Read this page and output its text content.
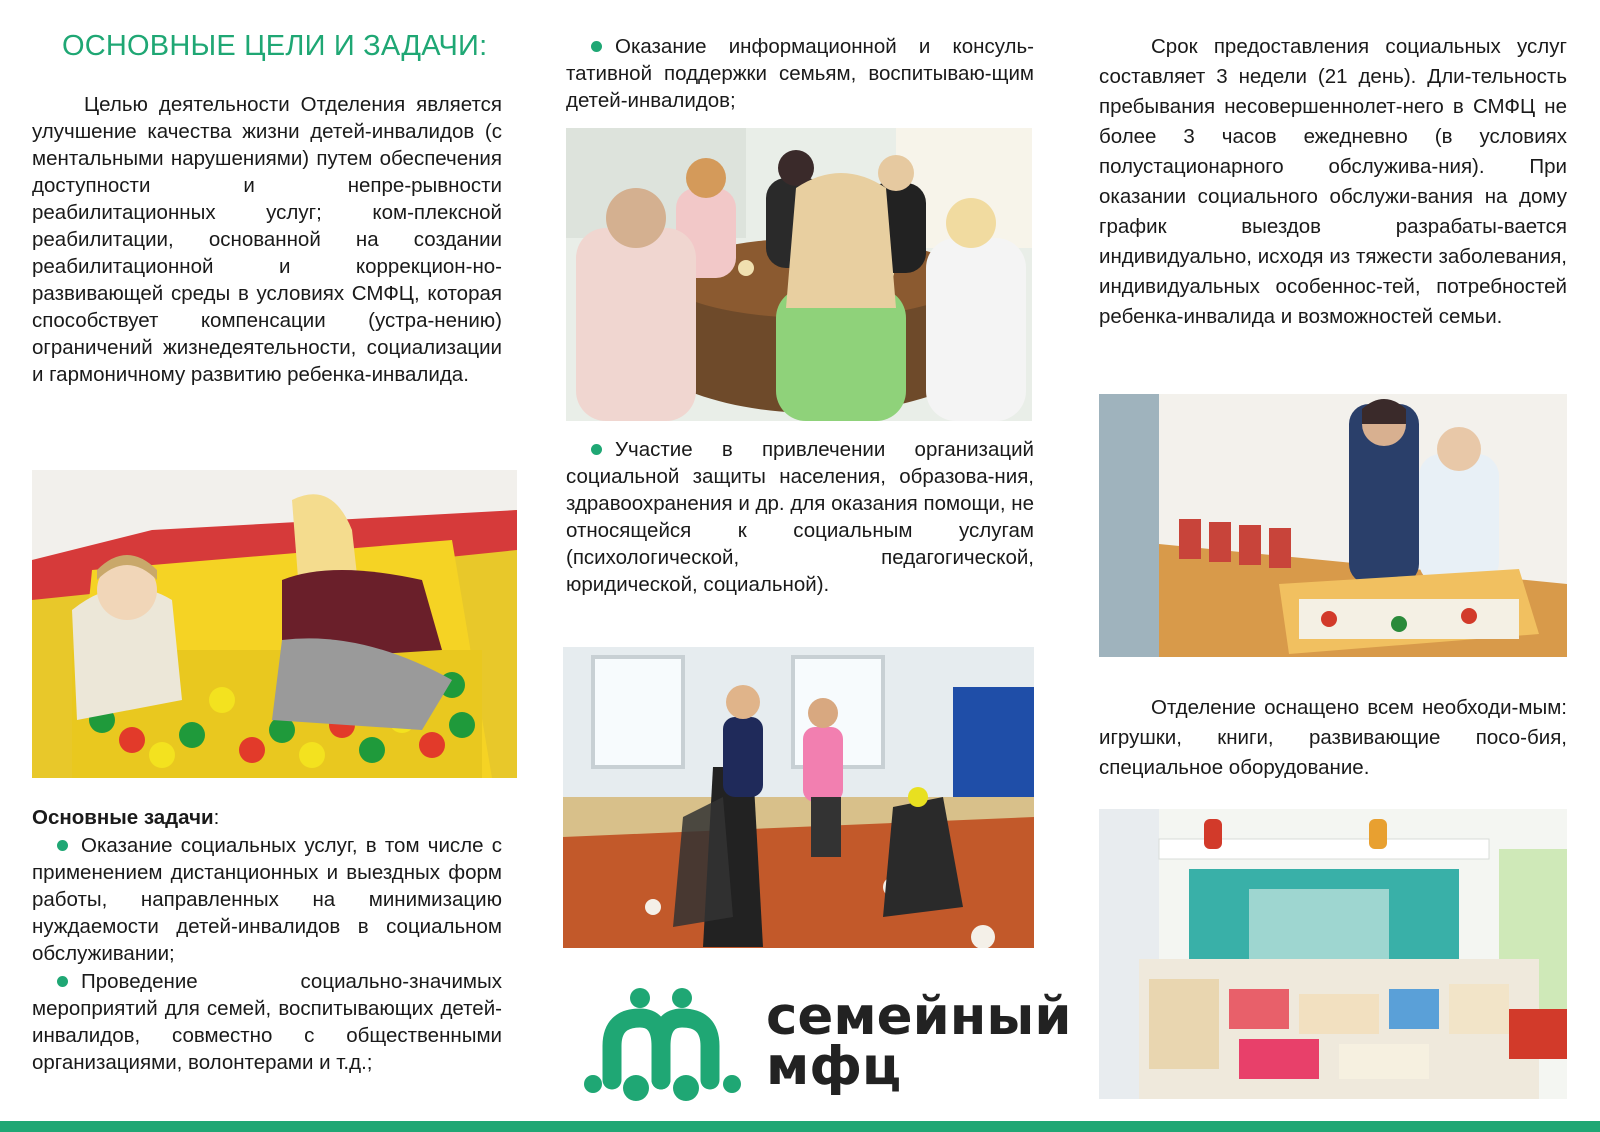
ОСНОВНЫЕ ЦЕЛИ И ЗАДАЧИ:

Целью деятельности Отделения является улучшение качества жизни детей-инвалидов (с ментальными нарушениями) путем обеспечения доступности и непре-рывности реабилитационных услуг; ком-плексной реабилитации, основанной на создании реабилитационной и коррекцион-но-развивающей среды в условиях СМФЦ, которая способствует компенсации (устра-нению) ограничений жизнедеятельности, социализации и гармоничному развитию ребенка-инвалида.

Основные задачи:

Оказание социальных услуг, в том числе с применением дистанционных и выездных форм работы, направленных на минимизацию нуждаемости детей-инвалидов в социальном обслуживании;

Проведение социально-значимых мероприятий для семей, воспитывающих детей-инвалидов, совместно с общественными организациями, волонтерами и т.д.;

Оказание информационной и консуль-тативной поддержки семьям, воспитываю-щим детей-инвалидов;

Участие в привлечении организаций социальной защиты населения, образова-ния, здравоохранения и др. для оказания помощи, не относящейся к социальным услугам (психологической, педагогической, юридической, социальной).

семейный
мфц

Срок предоставления социальных услуг составляет 3 недели (21 день). Дли-тельность пребывания несовершеннолет-него в СМФЦ не более 3 часов ежедневно (в условиях полустационарного обслужива-ния). При оказании социального обслужи-вания на дому график выездов разрабаты-вается индивидуально, исходя из тяжести заболевания, индивидуальных особеннос-тей, потребностей ребенка-инвалида и возможностей семьи.

Отделение оснащено всем необходи-мым: игрушки, книги, развивающие посо-бия, специальное оборудование.
